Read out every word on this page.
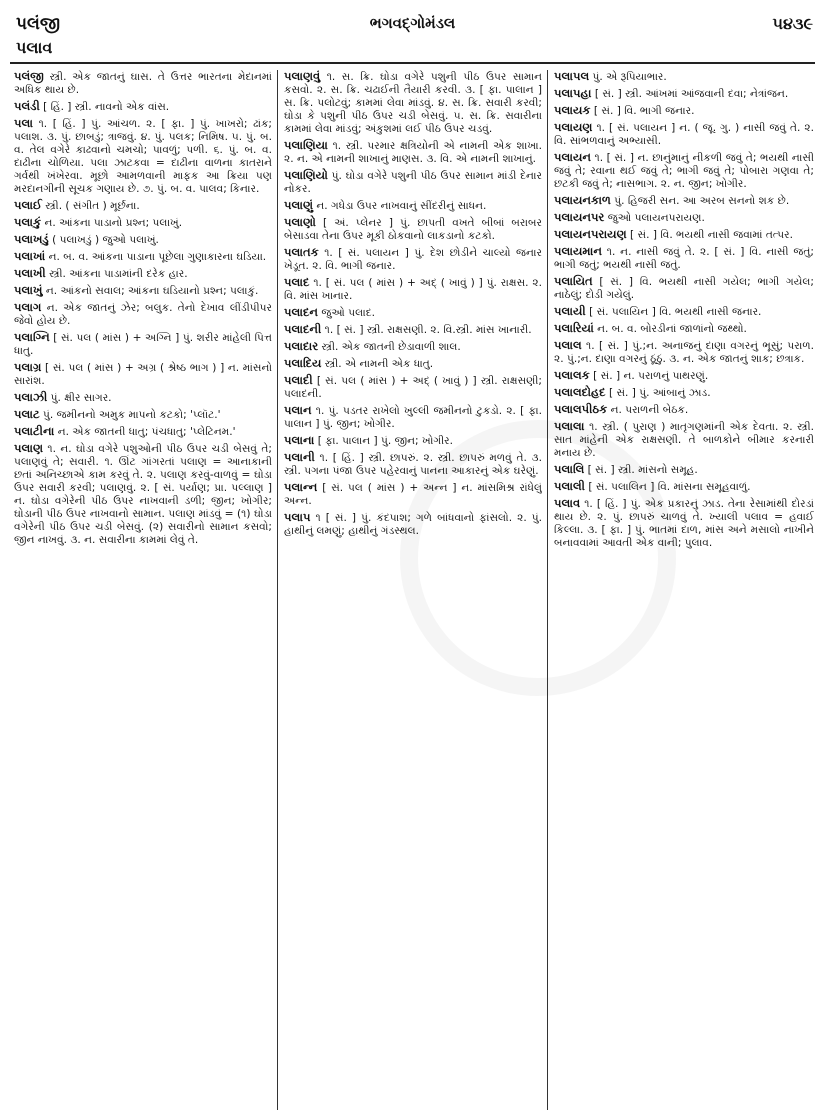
પલંજી
પલાવ
ભગવદ્ગોમંડલ	૫૪૩૯
પલંજી સ્ત્રી. એક જાતનું ઘાસ. તે ઉત્તર ભારતના મેદાનમાં અધિક થાય છે.
પલંડી [ હિં. ] સ્ત્રી. નાવનો એક વાંસ.
પલા ૧. [ હિં. ] પું. આંચળ. ૨. [ ફા. ] પું. ખાખરો; ઢાંક; પલાશ. ૩. પું. છાબડું; ત્રાજવું. ૪. પું. પલક; નિમિષ. ૫. પું. બ. વ. તેલ વગેરે કાઢવાનો ચમચો; પાવળું; પળી. ૬. પું. બ. વ. દાઢીના ચોળિયા. પલા ઝાટકવા = દાઢીના વાળના કાતરાને ગર્વથી ખંખેરવા. મૂછો આમળવાની માફક આ ક્રિયા પણ મરદાનગીની સૂચક ગણાય છે. ૭. પું. બ. વ. પાલવ; કિનાર.
પલાઈ સ્ત્રી. ( સંગીત ) મૂર્છના.
પલાકું ન. આંકના પાડાનો પ્રશ્ન; પલાખું.
પલાખડું ( પલાખડું ) જુઓ પલાખું.
પલાખાં ન. બ. વ. આંકના પાડાના પૂછેલા ગુણાકારના ઘડિયા.
પલાખી સ્ત્રી. આંકના પાડામાંની દરેક હાર.
પલાખું ન. આંકનો સવાલ; આંકના ઘડિયાનો પ્રશ્ન; પલાકું.
પલાગ ન. એક જાતનું ઝેર; બલુક. તેનો દેખાવ લીંડીપીપર જેવો હોય છે.
પલાગ્નિ [ સં. પલ ( માંસ ) + અગ્નિ ] પું. શરીર માંહેલી પિત્ત ધાતુ.
પલાગ્ર [ સં. પલ ( માંસ ) + અગ્ર ( શ્રેષ્ઠ ભાગ ) ] ન. માંસનો સારાંશ.
પલાઝી પું. ક્ષીર સાગર.
પલાટ પું. જમીનનો અમુક માપનો કટકો; 'પ્લૉટ.'
પલાટીના ન. એક જાતની ધાતુ; પંચધાતુ; 'પ્લેટિનમ.'
પલાણ ૧. ન. ઘોડા વગેરે પશુઓની પીઠ ઉપર ચડી બેસવું તે; પલાણવું તે; સવારી. ૧. ઊંટ ગાંગરતાં પલાણ = આનાકાની છતાં અનિચ્છાએ કામ કરવું તે. ૨. પલાણ કરવું-વાળવું = ઘોડા ઉપર સવારી કરવી; પલાણવું. ૨. [ સં. પર્યાણ; પ્રા. પલ્લાણ ] ન. ઘોડા વગેરેની પીઠ ઉપર નાખવાની ડળી; જીન; ખોગીર; ઘોડાની પીઠ ઉપર નાખવાનો સામાન. પલાણ માંડવું = (૧) ઘોડા વગેરેની પીઠ ઉપર ચડી બેસવું. (૨) સવારીનો સામાન કસવો; જીન નાખવું. ૩. ન. સવારીના કામમાં લેવું તે.
પલાણવું ૧. સ. ક્રિ. ઘોડા વગેરે પશુની પીઠ ઉપર સામાન કસવો. ૨. સ. ક્રિ. ચઢાઈની તૈયારી કરવી. ૩. [ ફા. પાલાન ] સ. ક્રિ. પલોટવું; કામમાં લેવા માંડવું. ૪. સ. ક્રિ. સવારી કરવી; ઘોડા કે પશુની પીઠ ઉપર ચડી બેસવું. ૫. સ. ક્રિ. સવારીના કામમાં લેવા માંડવું; અંકુશમાં લઈ પીઠ ઉપર ચડવું.
પલાણિયા ૧. સ્ત્રી. પરમાર ક્ષત્રિયોની એ નામની એક શાખા. ૨. ન. એ નામની શાખાનું માણસ. ૩. વિ. એ નામની શાખાનું.
પલાણિયો પું. ઘોડા વગેરે પશુની પીઠ ઉપર સામાન માંડી દેનાર નોકર.
પલાણું ન. ગધેડા ઉપર નાખવાનું સીંદરીનું સાધન.
પલાણો [ અં. પ્લેનર ] પું. છાપતી વખતે બીબાં બરાબર બેસાડવા તેના ઉપર મૂકી ઠોકવાનો લાકડાનો કટકો.
પલાતક ૧. [ સં. પલાયન ] પું. દેશ છોડીને ચાલ્યો જનાર ખેડૂત. ૨. વિ. ભાગી જનાર.
પલાદ ૧. [ સં. પલ ( માંસ ) + અદ્ ( ખાવું ) ] પું. રાક્ષસ. ૨. વિ. માંસ ખાનાર.
પલાદન જુઓ પલાદ.
પલાદની ૧. [ સં. ] સ્ત્રી. રાક્ષસણી. ૨. વિ.સ્ત્રી. માંસ ખાનારી.
પલાદાર સ્ત્રી. એક જાતની છેડાવાળી શાલ.
પલાદિય સ્ત્રી. એ નામની એક ધાતુ.
પલાદી [ સં. પલ ( માંસ ) + અદ્ ( ખાવું ) ] સ્ત્રી. રાક્ષસણી; પલાદની.
પલાન ૧. પું. પડતર રાખેલો ખુલ્લી જમીનનો ટુકડો. ૨. [ ફા. પાલાન ] પું. જીન; ખોગીર.
પલાના [ ફા. પાલાન ] પું. જીન; ખોગીર.
પલાની ૧. [ હિં. ] સ્ત્રી. છાપરું. ૨. સ્ત્રી. છાપરું મળવું તે. ૩. સ્ત્રી. પગના પંજા ઉપર પહેરવાનું પાનના આકારનું એક ઘરેણું.
પલાન્ન [ સં. પલ ( માંસ ) + અન્ન ] ન. માંસમિશ્ર રાંધેલું અન્ન.
પલાપ ૧ [ સં. ] પું. કંદપાશ; ગળે બાંધવાનો ફાંસલો. ૨. પું. હાથીનું લમણું; હાથીનું ગંડસ્થલ.
પલાપલ પું. એ રૂપિયાભાર.
પલાપહા [ સં. ] સ્ત્રી. આંખમાં આંજવાની દવા; નેત્રાંજન.
પલાયક [ સં. ] વિ. ભાગી જનાર.
પલાયણ ૧. [ સં. પલાયન ] ન. ( જૂ. ગુ. ) નાસી જવું તે. ૨. વિ. સાંભળવાનું અભ્યાસી.
પલાયન ૧. [ સં. ] ન. છાનુંમાનું નીકળી જવું તે; ભયથી નાસી જવું તે; રવાના થઈ જવું તે; ભાગી જવું તે; પોબારા ગણવા તે; છટકી જવું તે; નાસભાગ. ૨. ન. જીન; ખોગીર.
પલાયનકાળ પું. હિજરી સન. આ અરબ સનનો શક છે.
પલાયનપર જુઓ પલાયનપરાયણ.
પલાયનપરાયણ [ સં. ] વિ. ભયથી નાસી જવામાં તત્પર.
પલાયમાન ૧. ન. નાસી જવું તે. ૨. [ સં. ] વિ. નાસી જતું; ભાગી જતું; ભયથી નાસી જતું.
પલાયિત [ સં. ] વિ. ભયથી નાસી ગયેલ; ભાગી ગયેલ; નાઠેલું; દોડી ગયેલું.
પલાયી [ સં. પલાયિન ] વિ. ભયથી નાસી જનાર.
પલારિયાં ન. બ. વ. બોરડીનાં જાળાંનો જથ્થો.
પલાલ ૧. [ સં. ] પું.;ન. અનાજનું દાણા વગરનું ભૂસું; પરાળ. ૨. પું.;ન. દાણા વગરનું ઠૂંઠું. ૩. ન. એક જાતનું શાક; છત્રાક.
પલાલક [ સં. ] ન. પરાળનું પાથરણું.
પલાલદોહદ [ સં. ] પું. આંબાનું ઝાડ.
પલાલપીઠક ન. પરાળની બેઠક.
પલાલા ૧. સ્ત્રી. ( પુરાણ ) માતૃગણમાંની એક દેવતા. ૨. સ્ત્રી. સાત માંહેની એક રાક્ષસણી. તે બાળકોને બીમાર કરનારી મનાય છે.
પલાલિ [ સં. ] સ્ત્રી. માંસનો સમૂહ.
પલાલી [ સં. પલાલિન ] વિ. માંસના સમૂહવાળું.
પલાવ ૧. [ હિં. ] પું. એક પ્રકારનું ઝાડ. તેના રેસામાંથી દોરડાં થાય છે. ૨. પું. છાપરું ચાળવું તે. ખ્યાલી પલાવ = હવાઈ કિલ્લા. ૩. [ ફા. ] પું. ભાતમાં દાળ, માંસ અને મસાલો નાખીને બનાવવામાં આવતી એક વાની; પુલાવ.
